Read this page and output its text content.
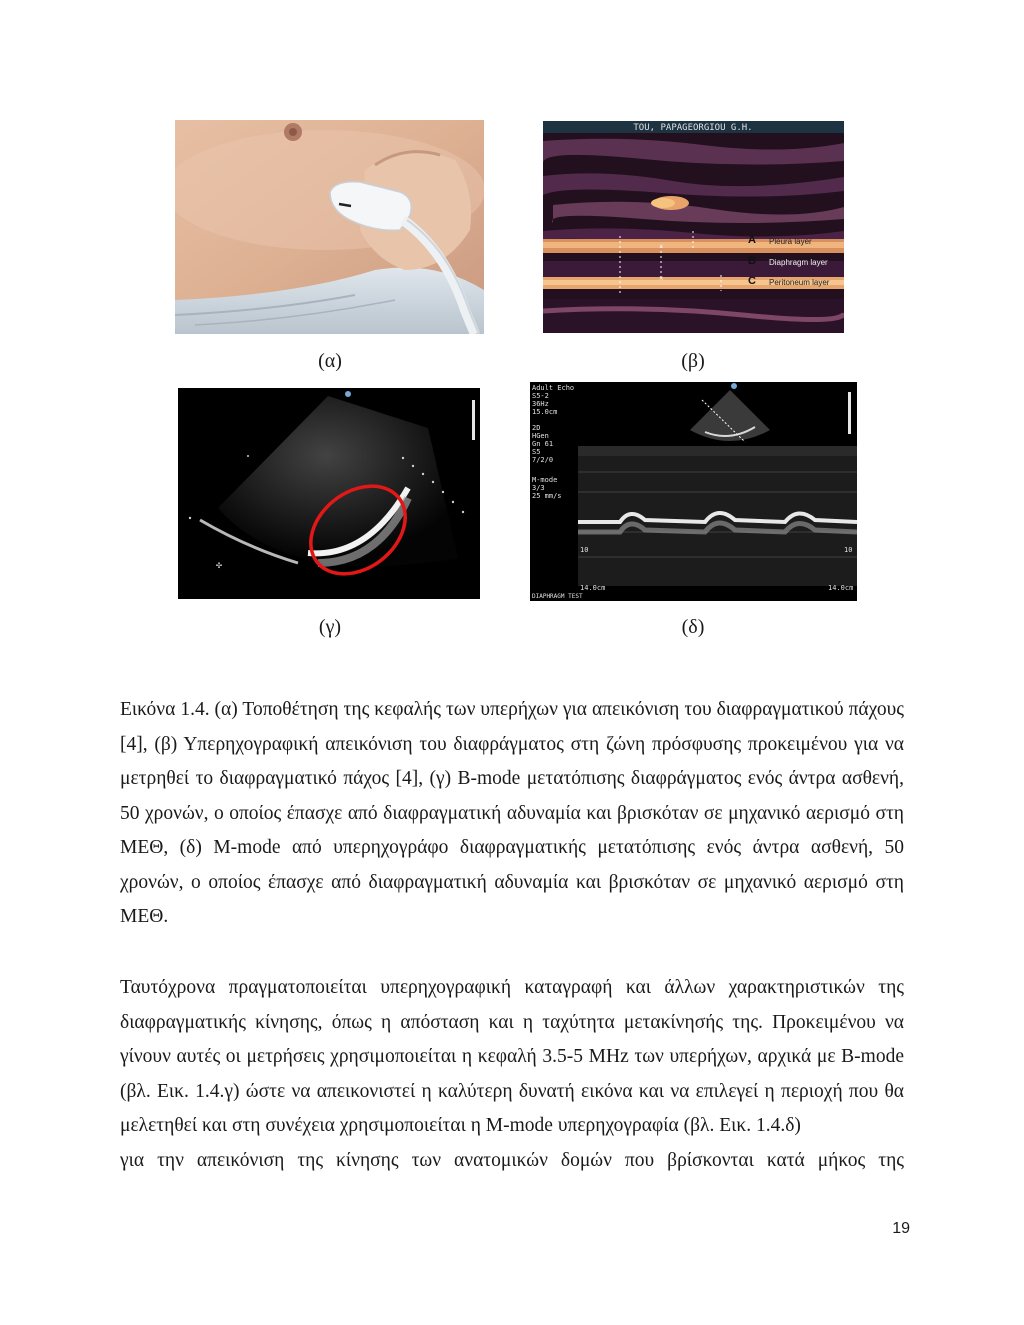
(α)
TOU, PAPAGEORGIOU G.H.
×
×
A Pleura layer
B Diaphragm layer
C Peritoneum layer
(β)
✣
(γ)
Adult Echo
S5-2
36Hz
15.0cm
2D
HGen
Gn 61
S5
7/2/0
M-mode
3/3
25 mm/s
10	10
14.0cm	14.0cm
DIAPHRAGM TEST
(δ)
Εικόνα 1.4. (α) Τοποθέτηση της κεφαλής των υπερήχων για απεικόνιση του διαφραγματικού πάχους [4], (β) Υπερηχογραφική απεικόνιση του διαφράγματος στη ζώνη πρόσφυσης προκειμένου για να μετρηθεί το διαφραγματικό πάχος [4], (γ) B-mode μετατόπισης διαφράγματος ενός άντρα ασθενή, 50 χρονών, ο οποίος έπασχε από διαφραγματική αδυναμία και βρισκόταν σε μηχανικό αερισμό στη ΜΕΘ, (δ) M-mode από υπερηχογράφο διαφραγματικής μετατόπισης ενός άντρα ασθενή, 50 χρονών, ο οποίος έπασχε από διαφραγματική αδυναμία και βρισκόταν σε μηχανικό αερισμό στη ΜΕΘ.
Ταυτόχρονα πραγματοποιείται υπερηχογραφική καταγραφή και άλλων χαρακτηριστικών της διαφραγματικής κίνησης, όπως η απόσταση και η ταχύτητα μετακίνησής της. Προκειμένου να γίνουν αυτές οι μετρήσεις χρησιμοποιείται η κεφαλή 3.5-5 MHz των υπερήχων, αρχικά με B-mode (βλ. Εικ. 1.4.γ) ώστε να απεικονιστεί η καλύτερη δυνατή εικόνα και να επιλεγεί η περιοχή που θα μελετηθεί και στη συνέχεια χρησιμοποιείται η M-mode υπερηχογραφία (βλ. Εικ. 1.4.δ)
για την απεικόνιση της κίνησης των ανατομικών δομών που βρίσκονται κατά μήκος της
19
